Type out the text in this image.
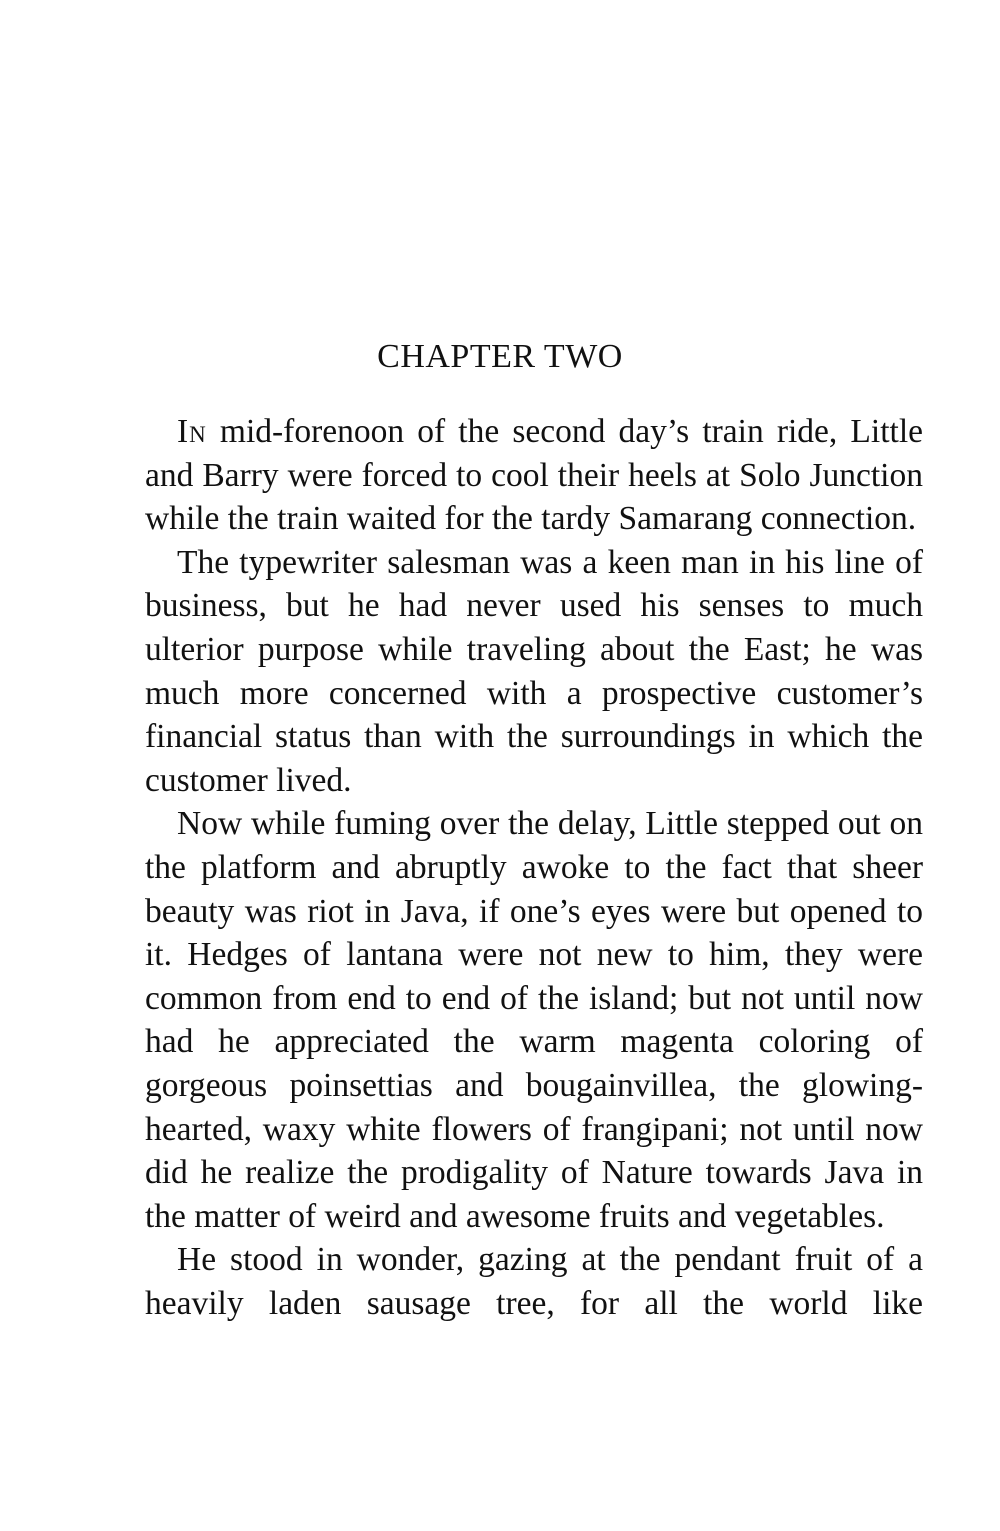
CHAPTER TWO

In mid-forenoon of the second day’s train ride, Little and Barry were forced to cool their heels at Solo Junction while the train waited for the tardy Samarang connection.

The typewriter salesman was a keen man in his line of business, but he had never used his senses to much ulterior purpose while traveling about the East; he was much more concerned with a prospective customer’s financial status than with the surroundings in which the customer lived.

Now while fuming over the delay, Little stepped out on the platform and abruptly awoke to the fact that sheer beauty was riot in Java, if one’s eyes were but opened to it. Hedges of lantana were not new to him, they were common from end to end of the island; but not until now had he appreciated the warm magenta coloring of gorgeous poinsettias and bougainvillea, the glowing-hearted, waxy white flowers of frangipani; not until now did he realize the prodigality of Nature towards Java in the matter of weird and awesome fruits and vegetables.

He stood in wonder, gazing at the pendant fruit of a heavily laden sausage tree, for all the world like
